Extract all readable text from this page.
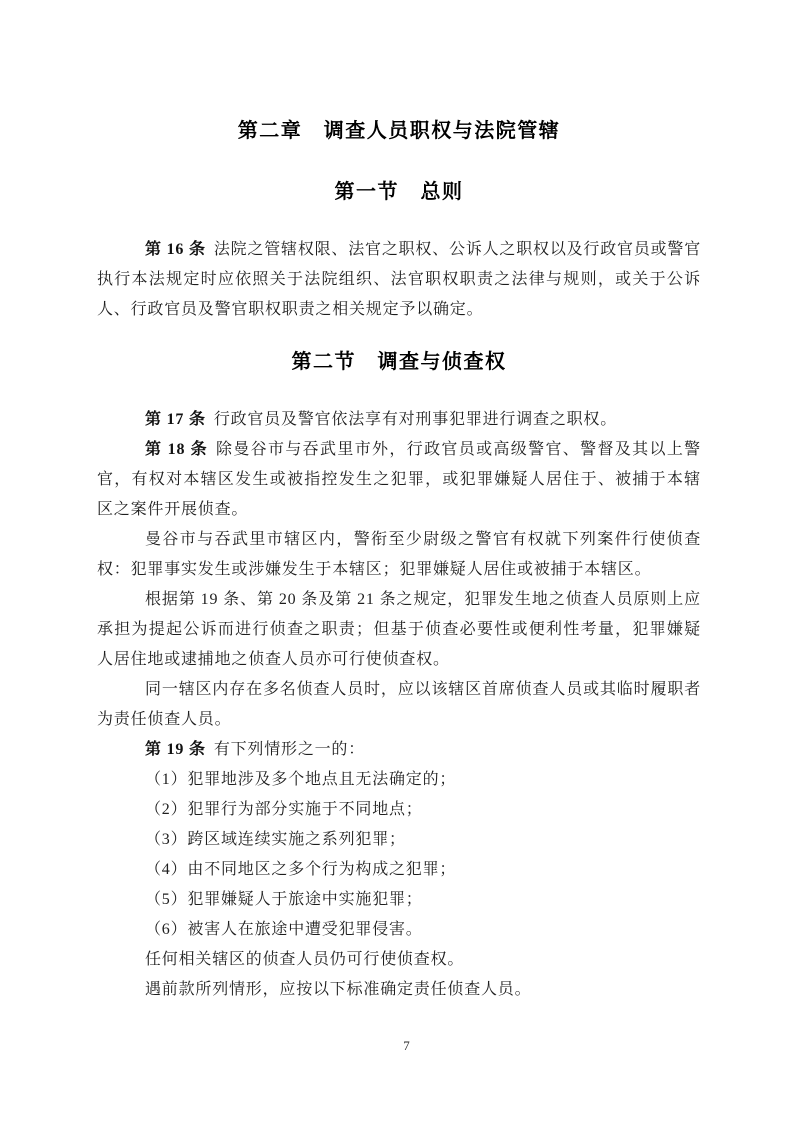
第二章　调查人员职权与法院管辖
第一节　总则

第 16 条 法院之管辖权限、法官之职权、公诉人之职权以及行政官员或警官执行本法规定时应依照关于法院组织、法官职权职责之法律与规则，或关于公诉人、行政官员及警官职权职责之相关规定予以确定。

第二节　调查与侦查权

第 17 条 行政官员及警官依法享有对刑事犯罪进行调查之职权。

第 18 条 除曼谷市与吞武里市外，行政官员或高级警官、警督及其以上警官，有权对本辖区发生或被指控发生之犯罪，或犯罪嫌疑人居住于、被捕于本辖区之案件开展侦查。

曼谷市与吞武里市辖区内，警衔至少尉级之警官有权就下列案件行使侦查权：犯罪事实发生或涉嫌发生于本辖区；犯罪嫌疑人居住或被捕于本辖区。

根据第 19 条、第 20 条及第 21 条之规定，犯罪发生地之侦查人员原则上应承担为提起公诉而进行侦查之职责；但基于侦查必要性或便利性考量，犯罪嫌疑人居住地或逮捕地之侦查人员亦可行使侦查权。

同一辖区内存在多名侦查人员时，应以该辖区首席侦查人员或其临时履职者为责任侦查人员。

第 19 条 有下列情形之一的：

（1）犯罪地涉及多个地点且无法确定的；

（2）犯罪行为部分实施于不同地点；

（3）跨区域连续实施之系列犯罪；

（4）由不同地区之多个行为构成之犯罪；

（5）犯罪嫌疑人于旅途中实施犯罪；

（6）被害人在旅途中遭受犯罪侵害。

任何相关辖区的侦查人员仍可行使侦查权。

遇前款所列情形，应按以下标准确定责任侦查人员。

7
